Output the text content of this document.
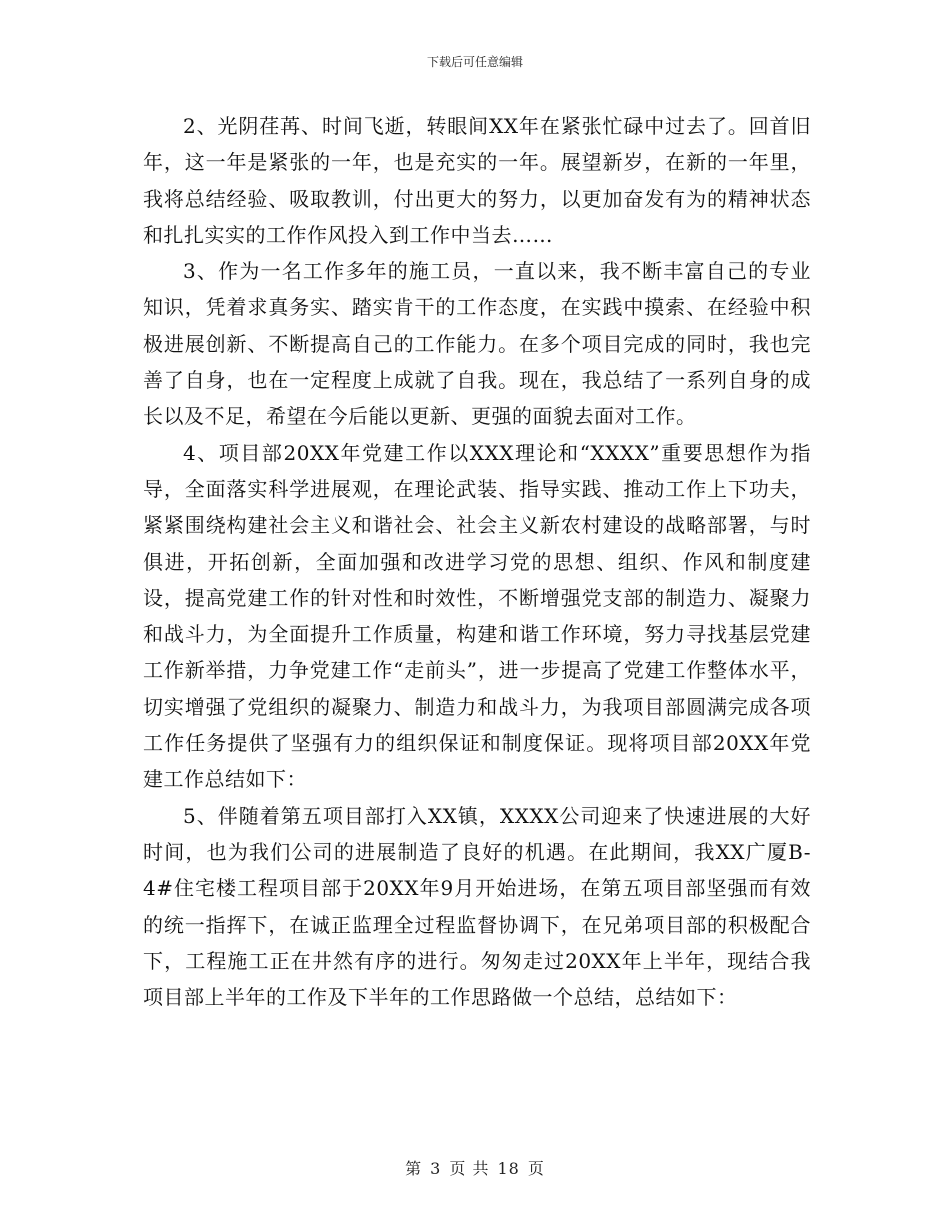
下载后可任意编辑

2、光阴荏苒、时间飞逝，转眼间XX年在紧张忙碌中过去了。回首旧年，这一年是紧张的一年，也是充实的一年。展望新岁，在新的一年里，我将总结经验、吸取教训，付出更大的努力，以更加奋发有为的精神状态和扎扎实实的工作作风投入到工作中当去……

3、作为一名工作多年的施工员，一直以来，我不断丰富自己的专业知识，凭着求真务实、踏实肯干的工作态度，在实践中摸索、在经验中积极进展创新、不断提高自己的工作能力。在多个项目完成的同时，我也完善了自身，也在一定程度上成就了自我。现在，我总结了一系列自身的成长以及不足，希望在今后能以更新、更强的面貌去面对工作。

4、项目部20XX年党建工作以XXX理论和“XXXX”重要思想作为指导，全面落实科学进展观，在理论武装、指导实践、推动工作上下功夫，紧紧围绕构建社会主义和谐社会、社会主义新农村建设的战略部署，与时俱进，开拓创新，全面加强和改进学习党的思想、组织、作风和制度建设，提高党建工作的针对性和时效性，不断增强党支部的制造力、凝聚力和战斗力，为全面提升工作质量，构建和谐工作环境，努力寻找基层党建工作新举措，力争党建工作“走前头”，进一步提高了党建工作整体水平，切实增强了党组织的凝聚力、制造力和战斗力，为我项目部圆满完成各项工作任务提供了坚强有力的组织保证和制度保证。现将项目部20XX年党建工作总结如下：

5、伴随着第五项目部打入XX镇，XXXX公司迎来了快速进展的大好时间，也为我们公司的进展制造了良好的机遇。在此期间，我XX广厦B-4#住宅楼工程项目部于20XX年9月开始进场，在第五项目部坚强而有效的统一指挥下，在诚正监理全过程监督协调下，在兄弟项目部的积极配合下，工程施工正在井然有序的进行。匆匆走过20XX年上半年，现结合我项目部上半年的工作及下半年的工作思路做一个总结，总结如下：

第 3 页 共 18 页
